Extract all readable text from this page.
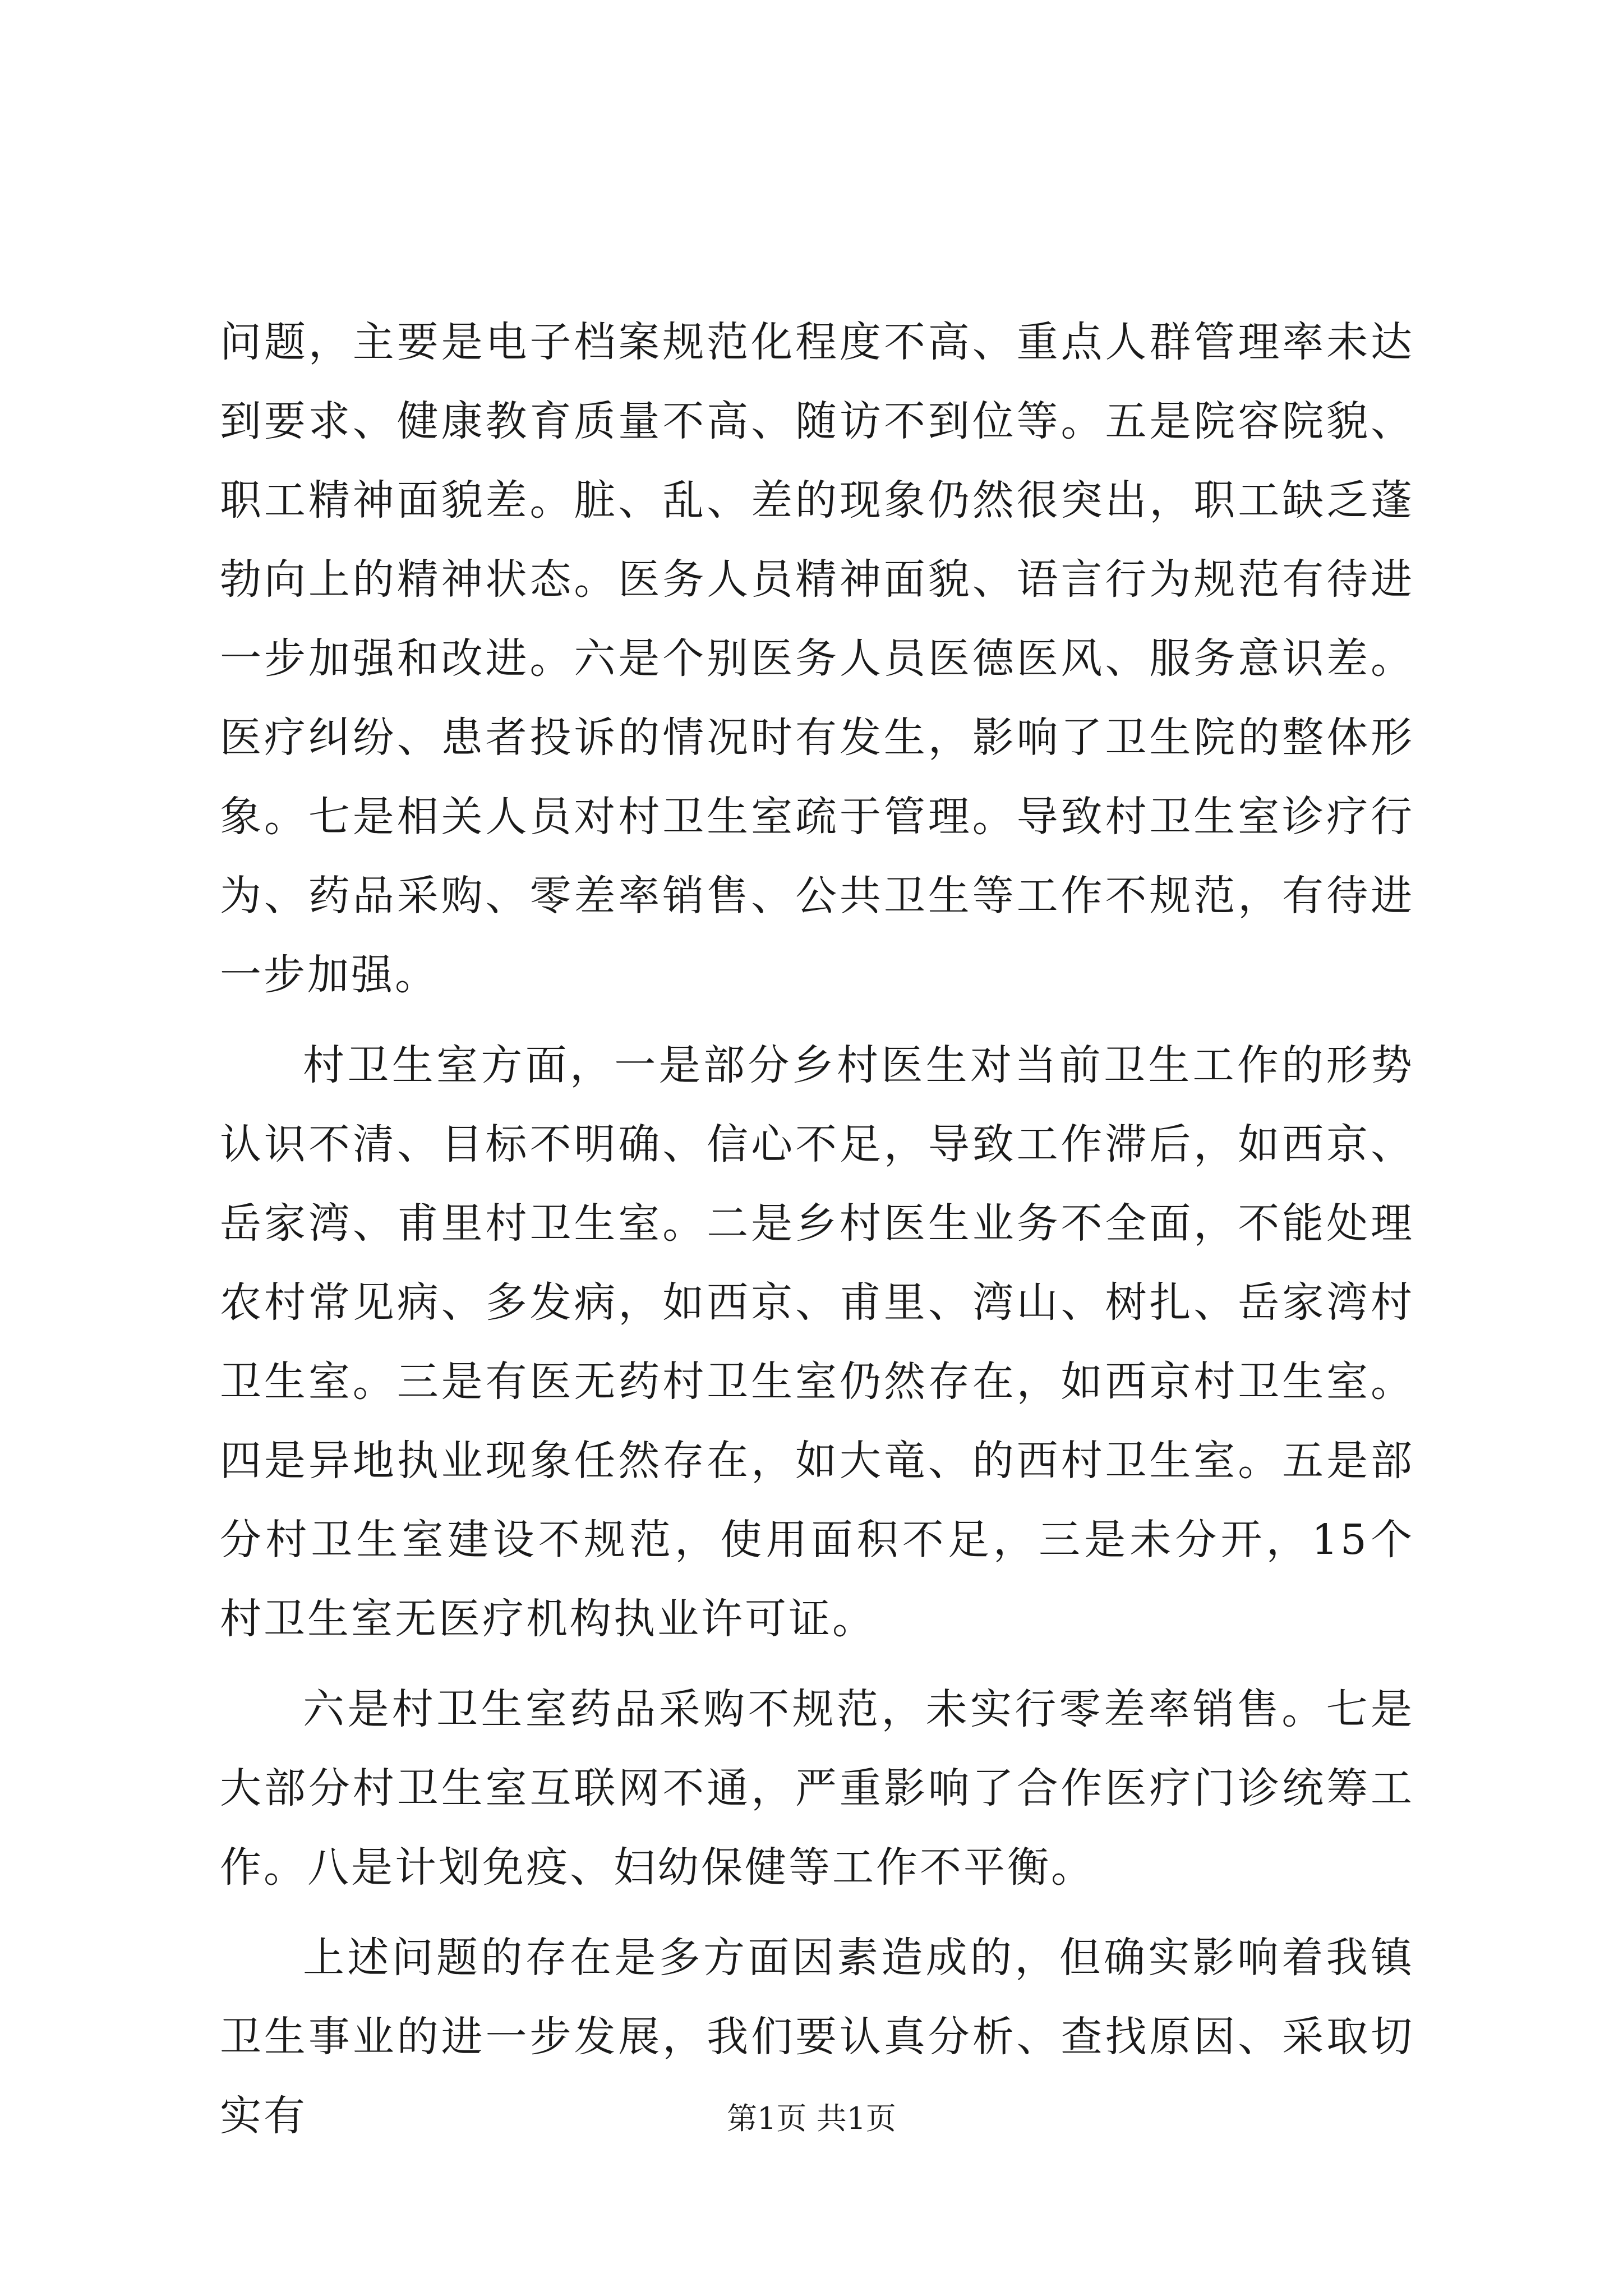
问题，主要是电子档案规范化程度不高、重点人群管理率未达到要求、健康教育质量不高、随访不到位等。五是院容院貌、职工精神面貌差。脏、乱、差的现象仍然很突出，职工缺乏蓬勃向上的精神状态。医务人员精神面貌、语言行为规范有待进一步加强和改进。六是个别医务人员医德医风、服务意识差。医疗纠纷、患者投诉的情况时有发生，影响了卫生院的整体形象。七是相关人员对村卫生室疏于管理。导致村卫生室诊疗行为、药品采购、零差率销售、公共卫生等工作不规范，有待进一步加强。

村卫生室方面，一是部分乡村医生对当前卫生工作的形势认识不清、目标不明确、信心不足，导致工作滞后，如西京、岳家湾、甫里村卫生室。二是乡村医生业务不全面，不能处理农村常见病、多发病，如西京、甫里、湾山、树扎、岳家湾村卫生室。三是有医无药村卫生室仍然存在，如西京村卫生室。四是异地执业现象任然存在，如大竜、的西村卫生室。五是部分村卫生室建设不规范，使用面积不足，三是未分开，15个村卫生室无医疗机构执业许可证。

六是村卫生室药品采购不规范，未实行零差率销售。七是大部分村卫生室互联网不通，严重影响了合作医疗门诊统筹工作。八是计划免疫、妇幼保健等工作不平衡。

上述问题的存在是多方面因素造成的，但确实影响着我镇卫生事业的进一步发展，我们要认真分析、查找原因、采取切实有	第1页 共1页
